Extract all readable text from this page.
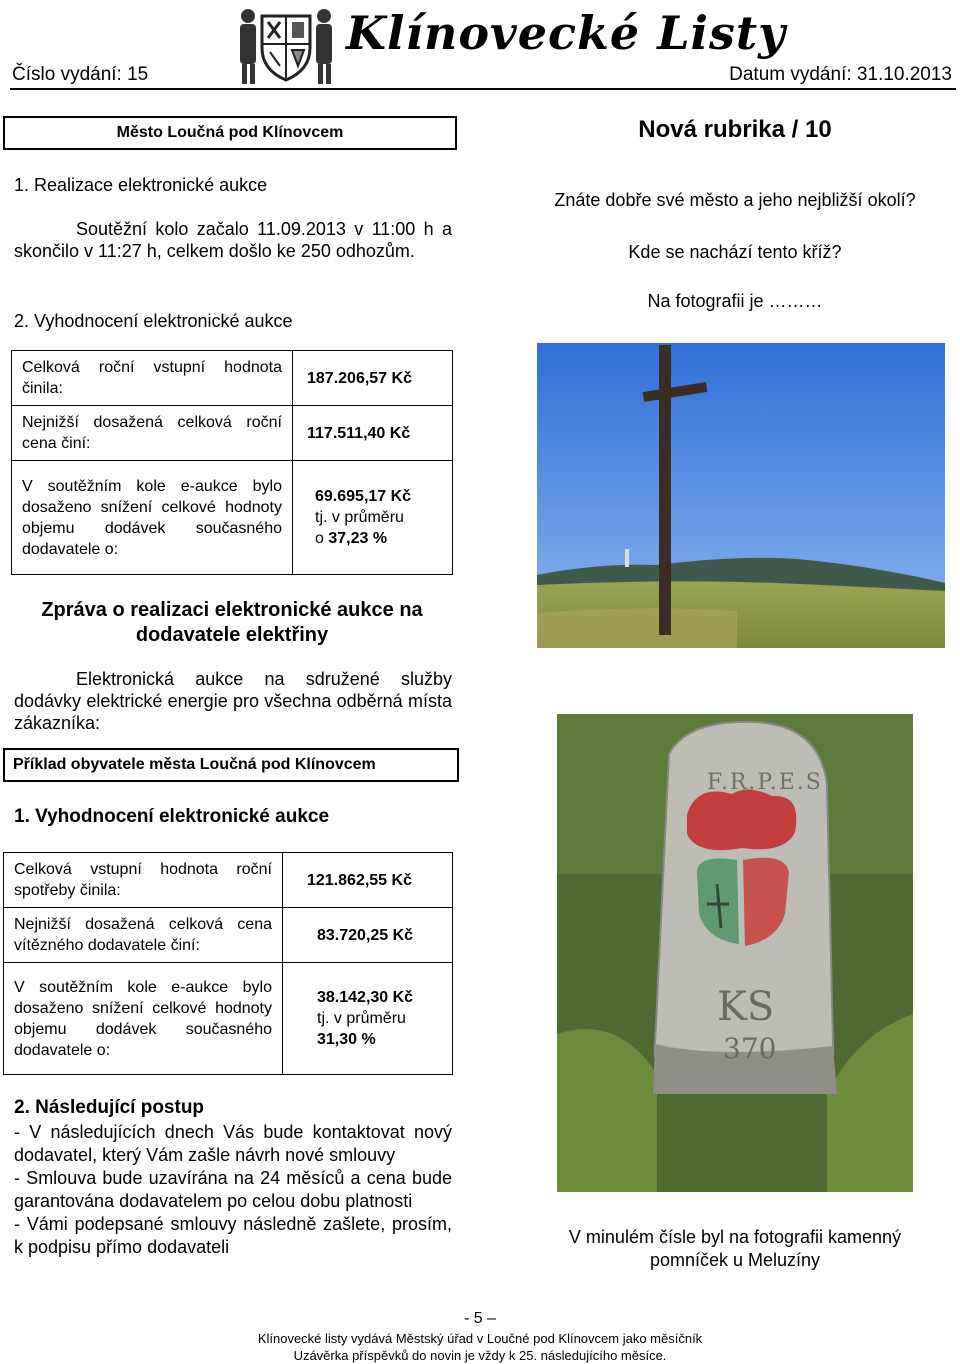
Číslo vydání: 15	Datum vydání: 31.10.2013
Klínovecké Listy
Město Loučná pod Klínovcem
1. Realizace elektronické aukce
Soutěžní kolo začalo 11.09.2013 v 11:00 h a skončilo v 11:27 h, celkem došlo ke 250 odhozům.
2. Vyhodnocení elektronické aukce
Celková roční vstupní hodnota činila:	187.206,57 Kč
Nejnižší dosažená celková roční cena činí:	117.511,40 Kč
V soutěžním kole e-aukce bylo dosaženo snížení celkové hodnoty objemu dodávek současného dodavatele o:	69.695,17 Kč
tj. v průměru
o 37,23 %
Zpráva o realizaci elektronické aukce na dodavatele elektřiny
Elektronická aukce na sdružené služby dodávky elektrické energie pro všechna odběrná místa zákazníka:
Příklad obyvatele města Loučná pod Klínovcem
1. Vyhodnocení elektronické aukce
Celková vstupní hodnota roční spotřeby činila:	121.862,55 Kč
Nejnižší dosažená celková cena vítězného dodavatele činí:	83.720,25 Kč
V soutěžním kole e-aukce bylo dosaženo snížení celkové hodnoty objemu dodávek současného dodavatele o:	38.142,30 Kč
tj. v průměru
31,30 %
2. Následující postup
- V následujících dnech Vás bude kontaktovat nový dodavatel, který Vám zašle návrh nové smlouvy
- Smlouva bude uzavírána na 24 měsíců a cena bude garantována dodavatelem po celou dobu platnosti
- Vámi podepsané smlouvy následně zašlete, prosím, k podpisu přímo dodavateli
Nová rubrika / 10
Znáte dobře své město a jeho nejbližší okolí?
Kde se nachází tento kříž?
Na fotografii je ………
F.R.P.E.S
KS
370
V minulém čísle byl na fotografii kamenný pomníček u Meluzíny
- 5 –
Klínovecké listy vydává Městský úřad v Loučné pod Klínovcem jako měsíčník
Uzávěrka příspěvků do novin je vždy k 25. následujícího měsíce.
